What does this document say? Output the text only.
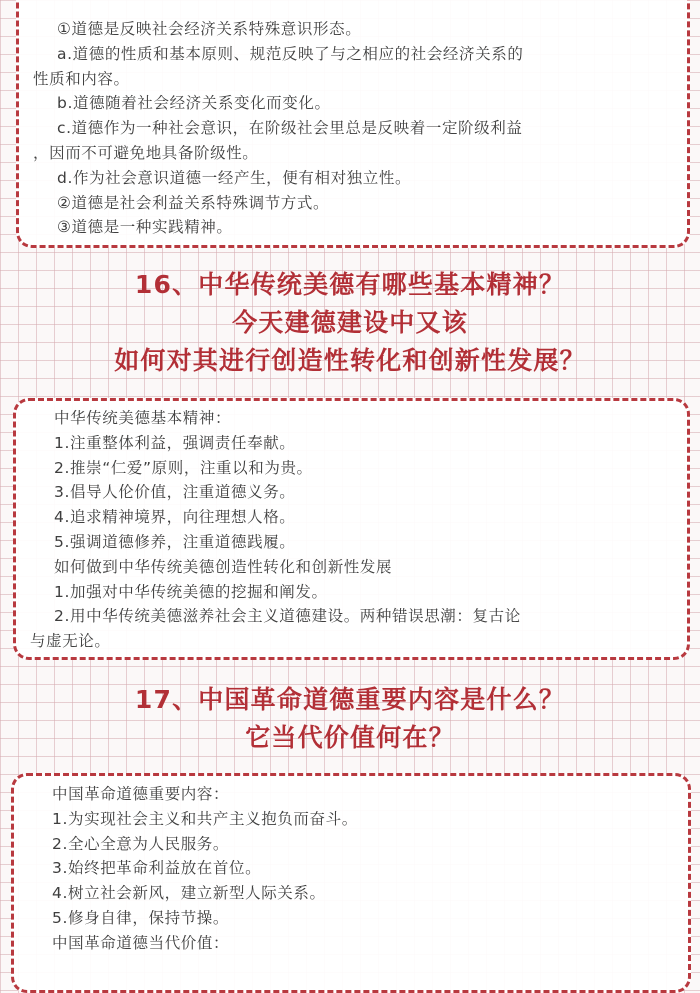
①道德是反映社会经济关系特殊意识形态。

a.道德的性质和基本原则、规范反映了与之相应的社会经济关系的

性质和内容。

b.道德随着社会经济关系变化而变化。

c.道德作为一种社会意识，在阶级社会里总是反映着一定阶级利益

，因而不可避免地具备阶级性。

d.作为社会意识道德一经产生，便有相对独立性。

②道德是社会利益关系特殊调节方式。

③道德是一种实践精神。

16、中华传统美德有哪些基本精神？
今天建德建设中又该
如何对其进行创造性转化和创新性发展？

中华传统美德基本精神：

1.注重整体利益，强调责任奉献。

2.推崇“仁爱”原则，注重以和为贵。

3.倡导人伦价值，注重道德义务。

4.追求精神境界，向往理想人格。

5.强调道德修养，注重道德践履。

如何做到中华传统美德创造性转化和创新性发展

1.加强对中华传统美德的挖掘和阐发。

2.用中华传统美德滋养社会主义道德建设。两种错误思潮：复古论

与虚无论。

17、中国革命道德重要内容是什么？
它当代价值何在？

中国革命道德重要内容：

1.为实现社会主义和共产主义抱负而奋斗。

2.全心全意为人民服务。

3.始终把革命利益放在首位。

4.树立社会新风，建立新型人际关系。

5.修身自律，保持节操。

中国革命道德当代价值：
